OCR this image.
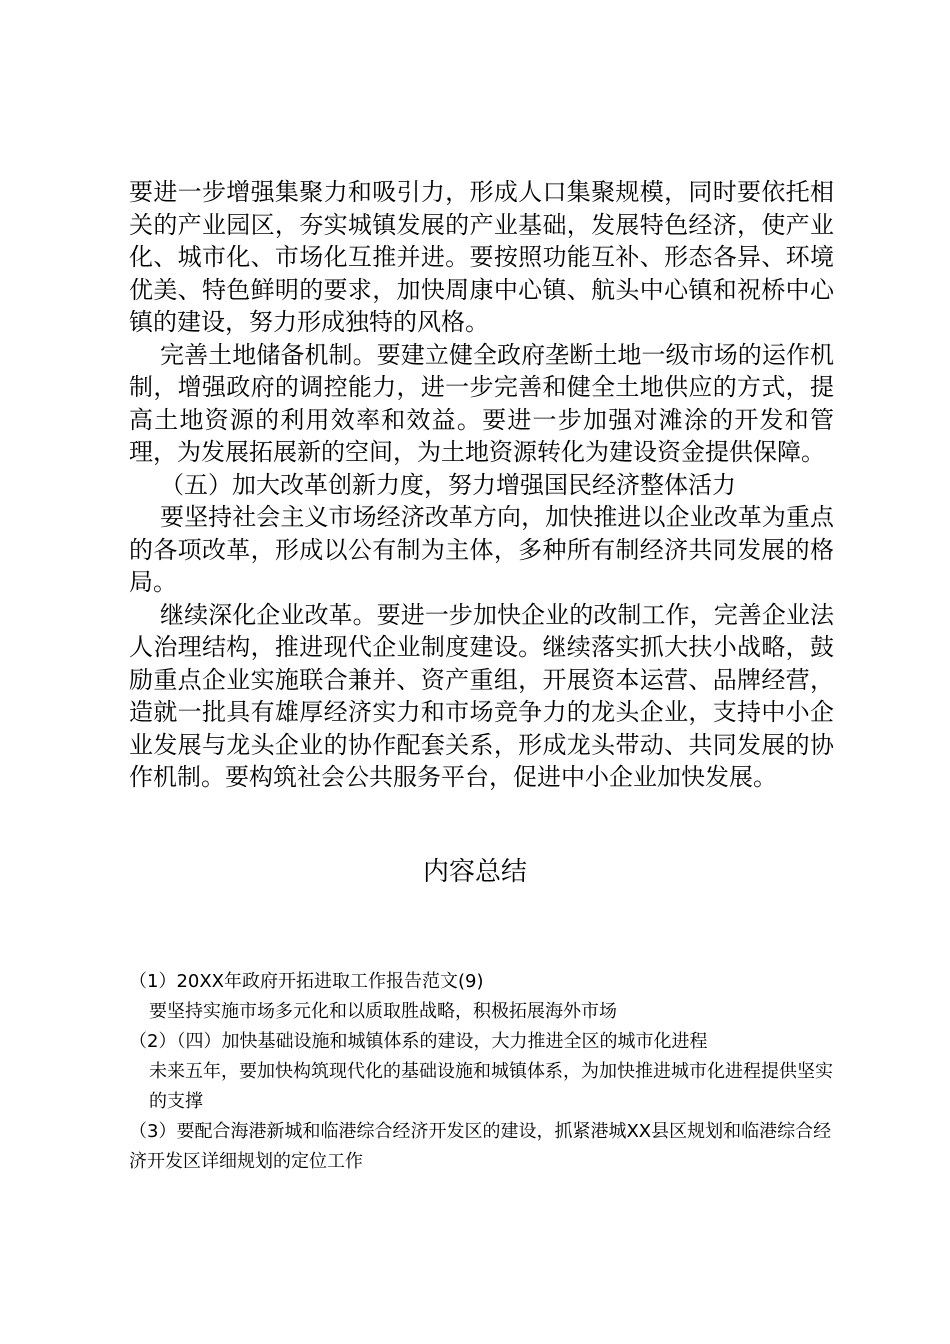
要进一步增强集聚力和吸引力，形成人口集聚规模，同时要依托相关的产业园区，夯实城镇发展的产业基础，发展特色经济，使产业化、城市化、市场化互推并进。要按照功能互补、形态各异、环境优美、特色鲜明的要求，加快周康中心镇、航头中心镇和祝桥中心镇的建设，努力形成独特的风格。

完善土地储备机制。要建立健全政府垄断土地一级市场的运作机制，增强政府的调控能力，进一步完善和健全土地供应的方式，提高土地资源的利用效率和效益。要进一步加强对滩涂的开发和管理，为发展拓展新的空间，为土地资源转化为建设资金提供保障。

（五）加大改革创新力度，努力增强国民经济整体活力

要坚持社会主义市场经济改革方向，加快推进以企业改革为重点的各项改革，形成以公有制为主体，多种所有制经济共同发展的格局。

继续深化企业改革。要进一步加快企业的改制工作，完善企业法人治理结构，推进现代企业制度建设。继续落实抓大扶小战略，鼓励重点企业实施联合兼并、资产重组，开展资本运营、品牌经营，造就一批具有雄厚经济实力和市场竞争力的龙头企业，支持中小企业发展与龙头企业的协作配套关系，形成龙头带动、共同发展的协作机制。要构筑社会公共服务平台，促进中小企业加快发展。

内容总结

（1）20XX年政府开拓进取工作报告范文(9)

要坚持实施市场多元化和以质取胜战略，积极拓展海外市场

（2）（四）加快基础设施和城镇体系的建设，大力推进全区的城市化进程

未来五年，要加快构筑现代化的基础设施和城镇体系，为加快推进城市化进程提供坚实的支撑

（3）要配合海港新城和临港综合经济开发区的建设，抓紧港城XX县区规划和临港综合经济开发区详细规划的定位工作
